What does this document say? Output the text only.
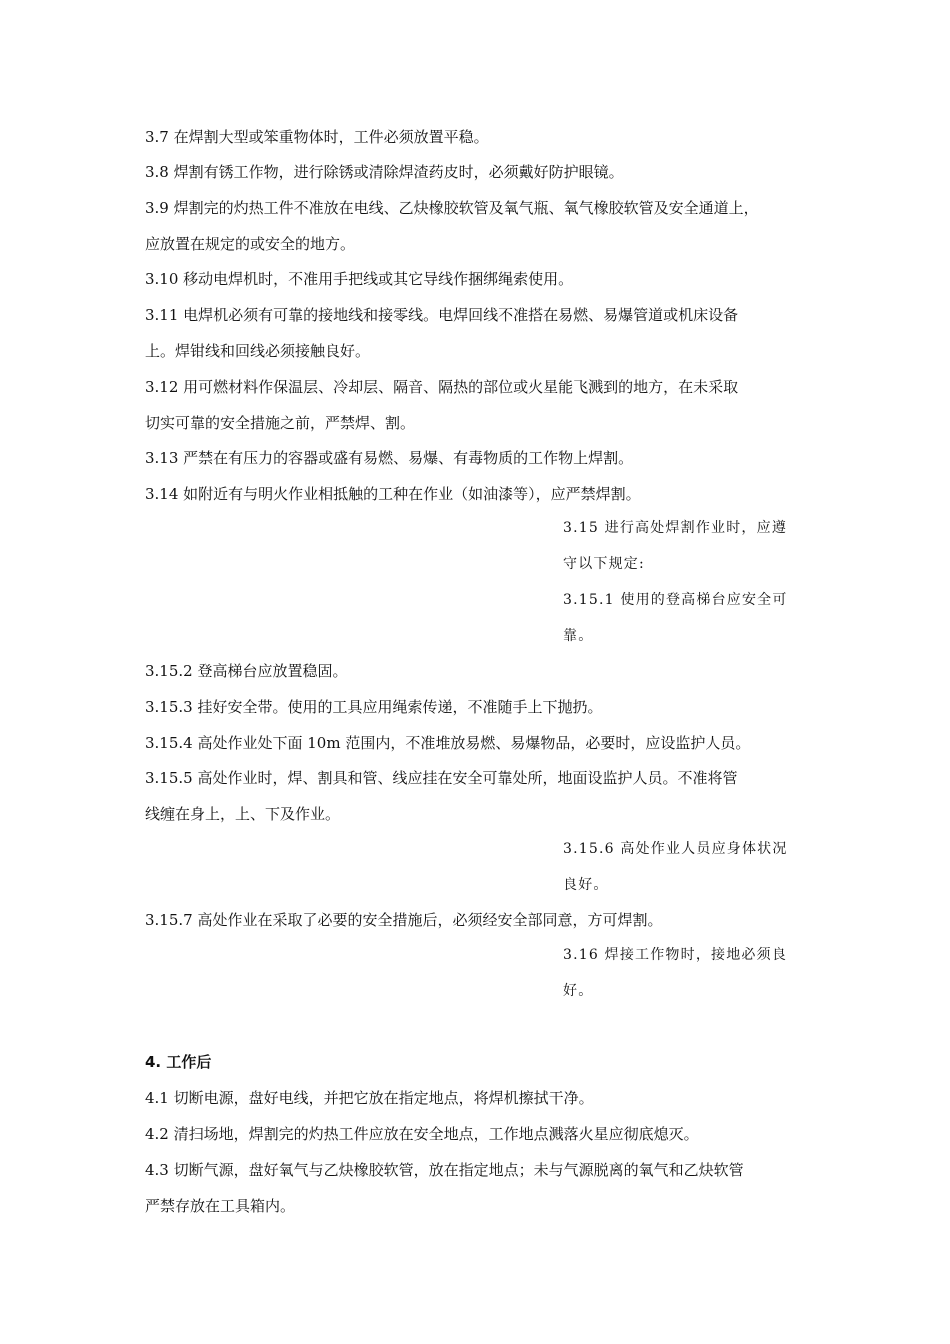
3.7 在焊割大型或笨重物体时，工件必须放置平稳。

3.8 焊割有锈工作物，进行除锈或清除焊渣药皮时，必须戴好防护眼镜。

3.9 焊割完的灼热工件不准放在电线、乙炔橡胶软管及氧气瓶、氧气橡胶软管及安全通道上，

应放置在规定的或安全的地方。

3.10 移动电焊机时，不准用手把线或其它导线作捆绑绳索使用。

3.11 电焊机必须有可靠的接地线和接零线。电焊回线不准搭在易燃、易爆管道或机床设备

上。焊钳线和回线必须接触良好。

3.12 用可燃材料作保温层、冷却层、隔音、隔热的部位或火星能飞溅到的地方，在未采取

切实可靠的安全措施之前，严禁焊、割。

3.13 严禁在有压力的容器或盛有易燃、易爆、有毒物质的工作物上焊割。

3.14 如附近有与明火作业相抵触的工种在作业（如油漆等），应严禁焊割。

3.15 进行高处焊割作业时，应遵

守以下规定:

3.15.1 使用的登高梯台应安全可

靠。

3.15.2 登高梯台应放置稳固。

3.15.3 挂好安全带。使用的工具应用绳索传递，不准随手上下抛扔。

3.15.4 高处作业处下面 10m 范围内，不准堆放易燃、易爆物品，必要时，应设监护人员。

3.15.5 高处作业时，焊、割具和管、线应挂在安全可靠处所，地面设监护人员。不准将管

线缠在身上，上、下及作业。

3.15.6 高处作业人员应身体状况

良好。

3.15.7 高处作业在采取了必要的安全措施后，必须经安全部同意，方可焊割。

3.16 焊接工作物时，接地必须良

好。

4. 工作后

4.1 切断电源，盘好电线，并把它放在指定地点，将焊机擦拭干净。

4.2 清扫场地，焊割完的灼热工件应放在安全地点，工作地点溅落火星应彻底熄灭。

4.3 切断气源，盘好氧气与乙炔橡胶软管，放在指定地点；未与气源脱离的氧气和乙炔软管

严禁存放在工具箱内。
